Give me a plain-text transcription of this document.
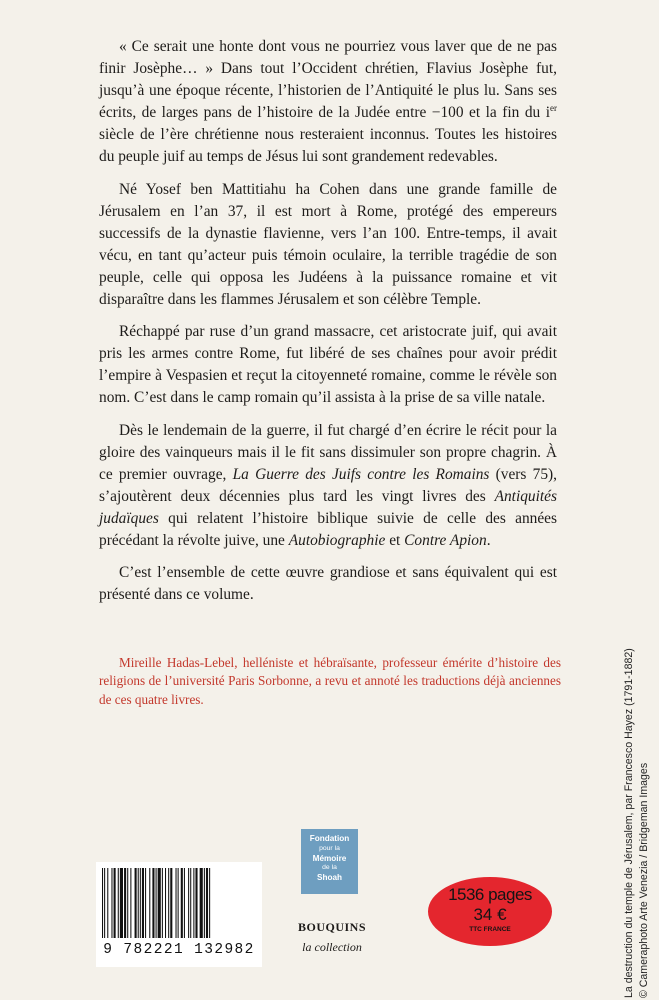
« Ce serait une honte dont vous ne pourriez vous laver que de ne pas finir Josèphe… » Dans tout l’Occident chrétien, Flavius Josèphe fut, jusqu’à une époque récente, l’historien de l’Antiquité le plus lu. Sans ses écrits, de larges pans de l’histoire de la Judée entre −100 et la fin du $i^{er}$ siècle de l’ère chrétienne nous resteraient inconnus. Toutes les histoires du peuple juif au temps de Jésus lui sont grandement redevables.

Né Yosef ben Mattitiahu ha Cohen dans une grande famille de Jérusalem en l’an 37, il est mort à Rome, protégé des empereurs successifs de la dynastie flavienne, vers l’an 100. Entre-temps, il avait vécu, en tant qu’acteur puis témoin oculaire, la terrible tragédie de son peuple, celle qui opposa les Judéens à la puissance romaine et vit disparaître dans les flammes Jérusalem et son célèbre Temple.

Réchappé par ruse d’un grand massacre, cet aristocrate juif, qui avait pris les armes contre Rome, fut libéré de ses chaînes pour avoir prédit l’empire à Vespasien et reçut la citoyenneté romaine, comme le révèle son nom. C’est dans le camp romain qu’il assista à la prise de sa ville natale.

Dès le lendemain de la guerre, il fut chargé d’en écrire le récit pour la gloire des vainqueurs mais il le fit sans dissimuler son propre chagrin. À ce premier ouvrage, La Guerre des Juifs contre les Romains (vers 75), s’ajoutèrent deux décennies plus tard les vingt livres des Antiquités judaïques qui relatent l’histoire biblique suivie de celle des années précédant la révolte juive, une Autobiographie et Contre Apion.

C’est l’ensemble de cette œuvre grandiose et sans équivalent qui est présenté dans ce volume.

Mireille Hadas-Lebel, helléniste et hébraïsante, professeur émérite d’histoire des religions de l’université Paris Sorbonne, a revu et annoté les traductions déjà anciennes de ces quatre livres.	La destruction du temple de Jérusalem, par Francesco Hayez (1791-1882) © Cameraphoto Arte Venezia / Bridgeman Images
Fondation
pour la
Mémoire
de la
Shoah
BOUQUINS
la collection
9 782221 132982
1536 pages
34 €
TTC FRANCE
